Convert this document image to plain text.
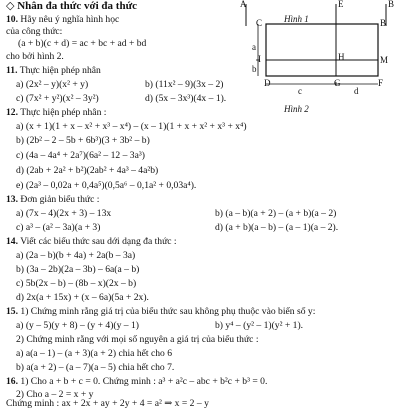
◇ Nhân đa thức với đa thức
10. Hãy nêu ý nghĩa hình học
của công thức:
(a + b)(c + d) = ac + bc + ad + bd
cho bởi hình 2.
11. Thực hiện phép nhân
a) (2x² – y)(x² + y)	b) (11x² – 9)(3x – 2)
c) (7x² + y²)(x² – 3y²)	d) (5x – 3x³)(4x – 1).
12. Thực hiện phép nhân :
a) (x + 1)(1 + x – x² + x³ – x⁴) – (x – 1)(1 + x + x² + x³ + x⁴)
b) (2b² – 2 – 5b + 6b³)(3 + 3b² – b)
c) (4a – 4a⁴ + 2a⁷)(6a² – 12 – 3a³)
d) (2ab + 2a² + b²)(2ab² + 4a³ – 4a²b)
e) (2a³ – 0,02a + 0,4a⁵)(0,5a⁶ – 0,1a² + 0,03a⁴).
13. Đơn giản biểu thức :
a) (7x – 4)(2x + 3) – 13x	b) (a – b)(a + 2) – (a + b)(a – 2)
c) a³ – (a² – 3a)(a + 3)	d) (a + b)(a – b) – (a – 1)(a – 2).
14. Viết các biểu thức sau dới dạng đa thức :
a) (2a – b)(b + 4a) + 2a(b – 3a)
b) (3a – 2b)(2a – 3b) – 6a(a – b)
c) 5b(2x – b) – (8b – x)(2x – b)
d) 2x(a + 15x) + (x – 6a)(5a + 2x).
15. 1) Chứng minh rằng giá trị của biểu thức sau không phụ thuộc vào biến số y:
a) (y – 5)(y + 8) – (y + 4)(y – 1)	b) y⁴ – (y² – 1)(y² + 1).
2) Chứng minh rằng với mọi số nguyên a giá trị của biểu thức :
a) a(a – 1) – (a + 3)(a + 2) chia hết cho 6
b) a(a + 2) – (a – 7)(a – 5) chia hết cho 7.
16. 1) Cho a + b + c = 0. Chứng minh : a³ + a²c – abc + b²c + b³ = 0.
2) Cho a – 2 = x + y
Chứng minh : ax + 2x + ay + 2y + 4 = a² ⇒ x = 2 – y
Hình 1
A	E	B
C	B
a
b
I	H	M
D	G	F
c	d
Hình 2
